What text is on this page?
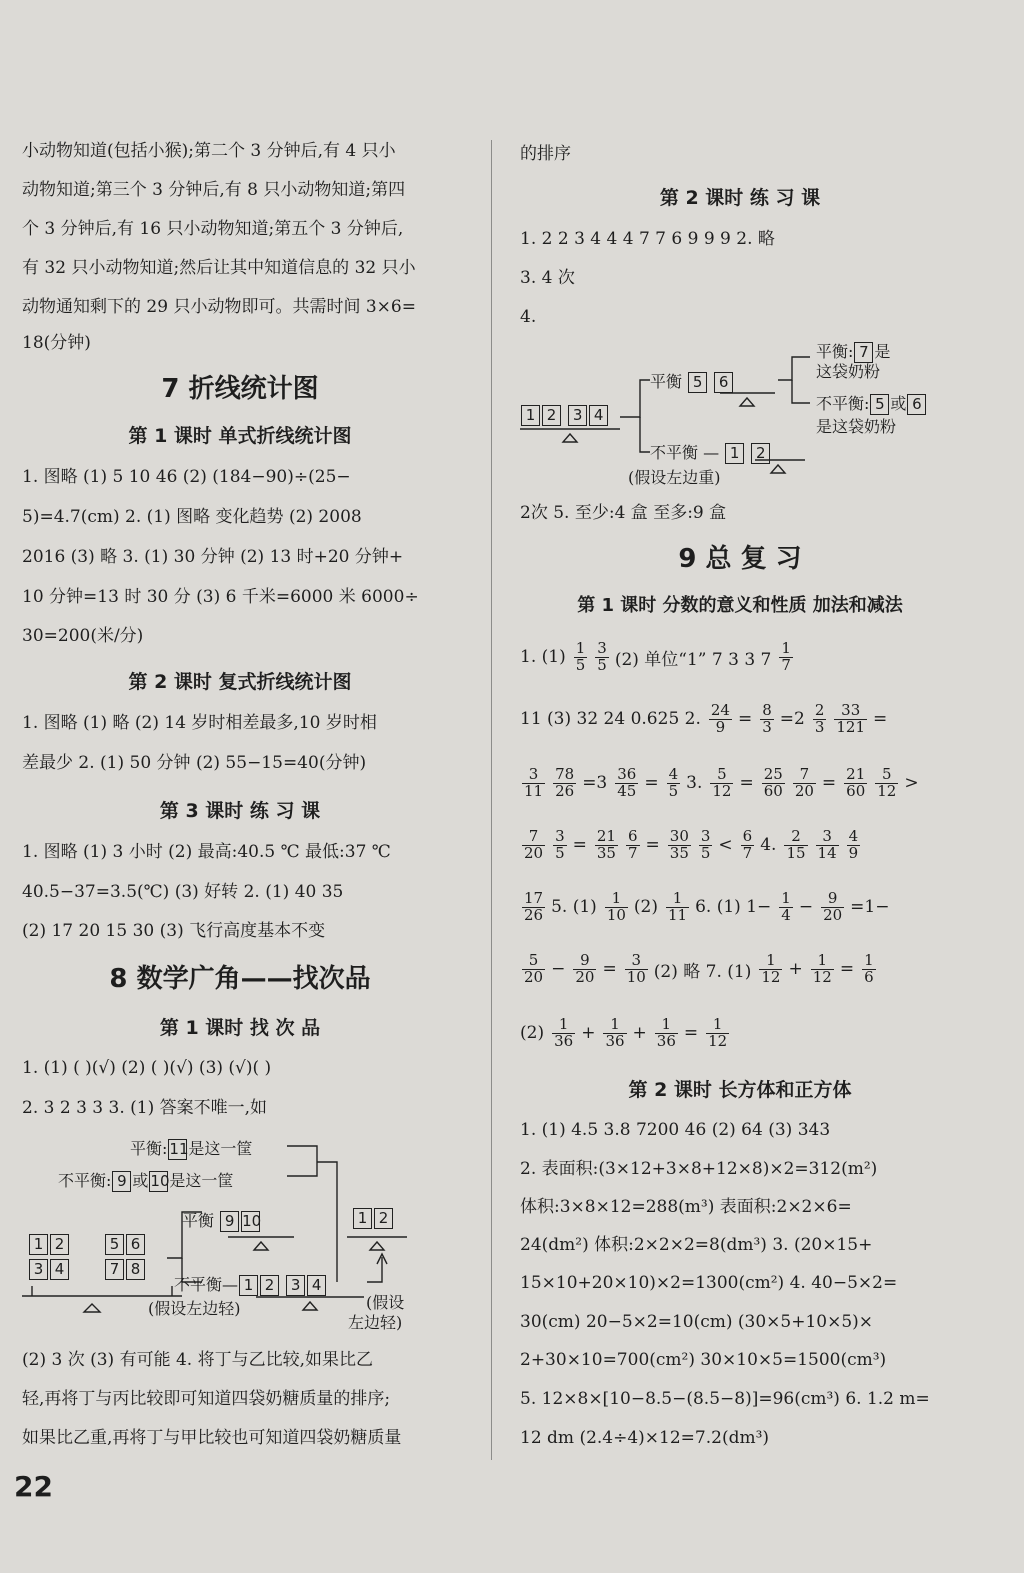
小动物知道(包括小猴);第二个 3 分钟后,有 4 只小
动物知道;第三个 3 分钟后,有 8 只小动物知道;第四
个 3 分钟后,有 16 只小动物知道;第五个 3 分钟后,
有 32 只小动物知道;然后让其中知道信息的 32 只小
动物通知剩下的 29 只小动物即可。共需时间 3×6=
18(分钟)
7 折线统计图
第 1 课时 单式折线统计图
1. 图略 (1) 5 10 46 (2) (184−90)÷(25−
5)=4.7(cm) 2. (1) 图略 变化趋势 (2) 2008
2016 (3) 略 3. (1) 30 分钟 (2) 13 时+20 分钟+
10 分钟=13 时 30 分 (3) 6 千米=6000 米 6000÷
30=200(米/分)
第 2 课时 复式折线统计图
1. 图略 (1) 略 (2) 14 岁时相差最多,10 岁时相
差最少 2. (1) 50 分钟 (2) 55−15=40(分钟)
第 3 课时 练 习 课
1. 图略 (1) 3 小时 (2) 最高:40.5 ℃ 最低:37 ℃
40.5−37=3.5(℃) (3) 好转 2. (1) 40 35
(2) 17 20 15 30 (3) 飞行高度基本不变
8 数学广角——找次品
第 1 课时 找 次 品
1. (1) ( )(√) (2) ( )(√) (3) (√)( )
2. 3 2 3 3 3. (1) 答案不唯一,如
平衡: 11是这一筐
不平衡: 9 或 10是这一筐
平衡 9 10	1 2
1 2
3 4
5 6
7 8
不平衡— 1 2 3 4
(假设左边轻)	(假设
左边轻)
(2) 3 次 (3) 有可能 4. 将丁与乙比较,如果比乙
轻,再将丁与丙比较即可知道四袋奶糖质量的排序;
如果比乙重,再将丁与甲比较也可知道四袋奶糖质量
22
的排序
第 2 课时 练 习 课
1. 2 2 3 4 4 4 7 7 6 9 9 9 2. 略
3. 4 次
4.
1 2 3 4
平衡 5 6
平衡: 7 是
这袋奶粉
不平衡: 5 或 6
是这袋奶粉
不平衡 — 1 2
(假设左边重)
2次 5. 至少:4 盒 至多:9 盒
9 总 复 习
第 1 课时 分数的意义和性质 加法和减法
1. $(1) \frac{1}{5} \frac{3}{5} (2)$ 单位“1” 7 3 3 $7 \frac{1}{7}$
11 (3) 32 24 0.625 2. $\frac{24}{9} = \frac{8}{3} =2 \frac{2}{3} \frac{33}{121}$ =
$\frac{3}{11} \frac{78}{26} =3 \frac{36}{45} = \frac{4}{5} 3$. $\frac{5}{12} = \frac{25}{60} \frac{7}{20} = \frac{21}{60} \frac{5}{12}$ >
$\frac{7}{20} \frac{3}{5} = \frac{21}{35} \frac{6}{7} = \frac{30}{35} \frac{3}{5} < \frac{6}{7} 4$. $\frac{2}{15} \frac{3}{14} \frac{4}{9}$
$\frac{17}{26} 5$. $(1) \frac{1}{10} (2) \frac{1}{11} 6$. (1) $1- \frac{1}{4} - \frac{9}{20} =1-$
$\frac{5}{20} - \frac{9}{20} = \frac{3}{10} (2)$ 略 7. $(1) \frac{1}{12} + \frac{1}{12} = \frac{1}{6}$
$(2) \frac{1}{36} + \frac{1}{36} + \frac{1}{36} = \frac{1}{12}$
第 2 课时 长方体和正方体
1. (1) 4.5 3.8 7200 46 (2) 64 (3) 343
2. 表面积:(3×12+3×8+12×8)×2=312(m²)
体积:3×8×12=288(m³) 表面积:2×2×6=
24(dm²) 体积:2×2×2=8(dm³) 3. (20×15+
15×10+20×10)×2=1300(cm²) 4. 40−5×2=
30(cm) 20−5×2=10(cm) (30×5+10×5)×
2+30×10=700(cm²) 30×10×5=1500(cm³)
5. 12×8×[10−8.5−(8.5−8)]=96(cm³) 6. 1.2 m=
12 dm (2.4÷4)×12=7.2(dm³)
